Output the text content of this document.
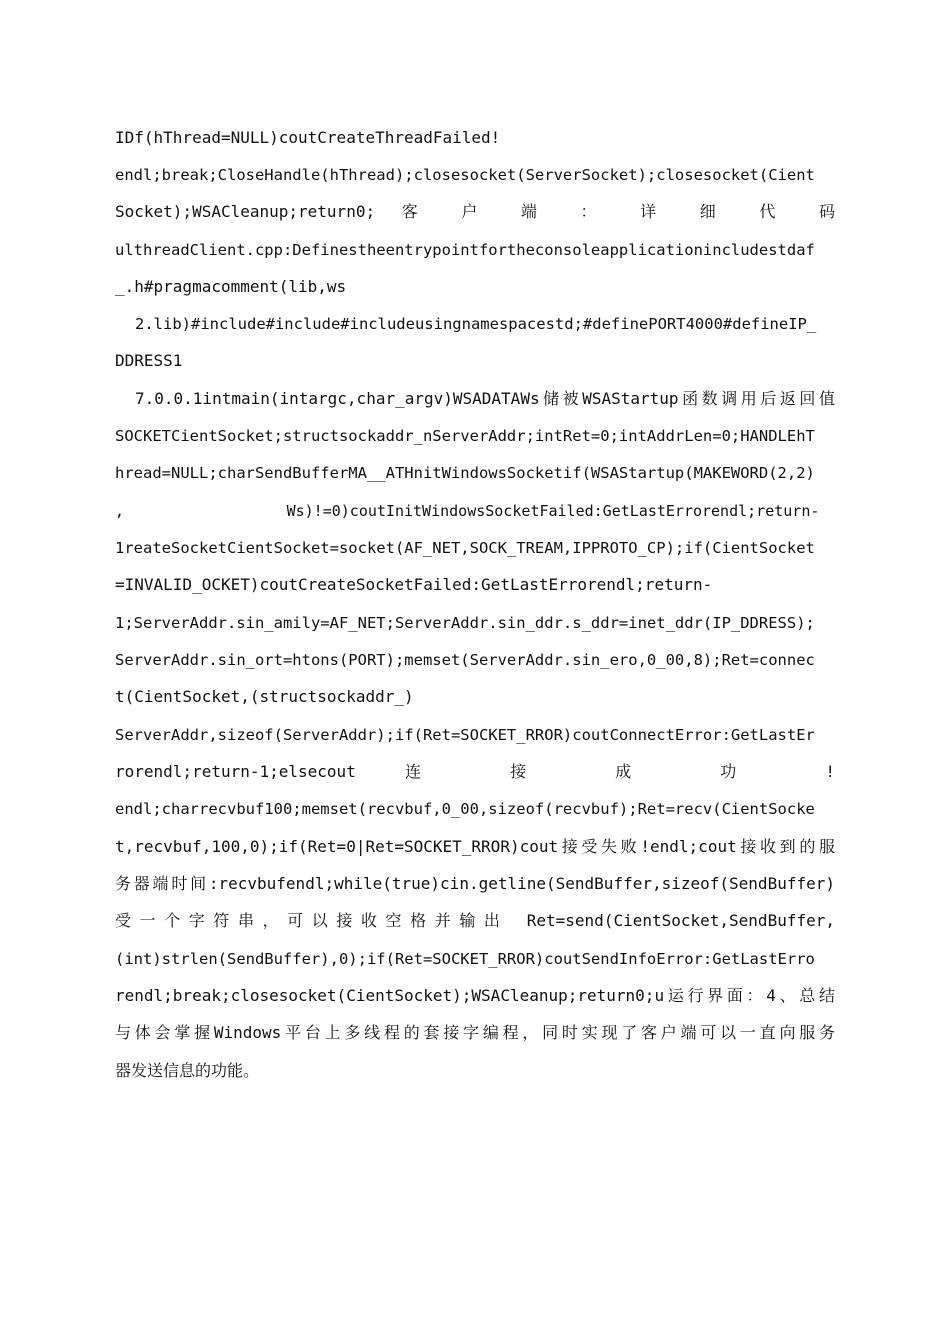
IDf(hThread=NULL)coutCreateThreadFailed!
endl;break;CloseHandle(hThread);closesocket(ServerSocket);closesocket(Cient
Socket);WSACleanup;return0; 客 户 端 ： 详 细 代 码
ulthreadClient.cpp:Definestheentrypointfortheconsoleapplicationincludestdaf
_.h#pragmacomment(lib,ws
2.lib)#include#include#includeusingnamespacestd;#definePORT4000#defineIP_
DDRESS1
7.0.0.1intmain(intargc,char_argv)WSADATAWs储被WSAStartup函数调用后返回值
SOCKETCientSocket;structsockaddr_nServerAddr;intRet=0;intAddrLen=0;HANDLEhT
hread=NULL;charSendBufferMA__ATHnitWindowsSocketif(WSAStartup(MAKEWORD(2,2)
,                  Ws)!=0)coutInitWindowsSocketFailed:GetLastErrorendl;return-
1reateSocketCientSocket=socket(AF_NET,SOCK_TREAM,IPPROTO_CP);if(CientSocket
=INVALID_OCKET)coutCreateSocketFailed:GetLastErrorendl;return-
1;ServerAddr.sin_amily=AF_NET;ServerAddr.sin_ddr.s_ddr=inet_ddr(IP_DDRESS);
ServerAddr.sin_ort=htons(PORT);memset(ServerAddr.sin_ero,0_00,8);Ret=connec
t(CientSocket,(structsockaddr_)
ServerAddr,sizeof(ServerAddr);if(Ret=SOCKET_RROR)coutConnectError:GetLastEr
rorendl;return-1;elsecout 连 接 成 功 !
endl;charrecvbuf100;memset(recvbuf,0_00,sizeof(recvbuf);Ret=recv(CientSocke
t,recvbuf,100,0);if(Ret=0|Ret=SOCKET_RROR)cout接受失败!endl;cout接收到的服
务器端时间:recvbufendl;while(true)cin.getline(SendBuffer,sizeof(SendBuffer)
受一个字符串，可以接收空格并输出 Ret=send(CientSocket,SendBuffer,
(int)strlen(SendBuffer),0);if(Ret=SOCKET_RROR)coutSendInfoError:GetLastErro
rendl;break;closesocket(CientSocket);WSACleanup;return0;u运行界面：4、总结
与体会掌握Windows平台上多线程的套接字编程，同时实现了客户端可以一直向服务
器发送信息的功能。
